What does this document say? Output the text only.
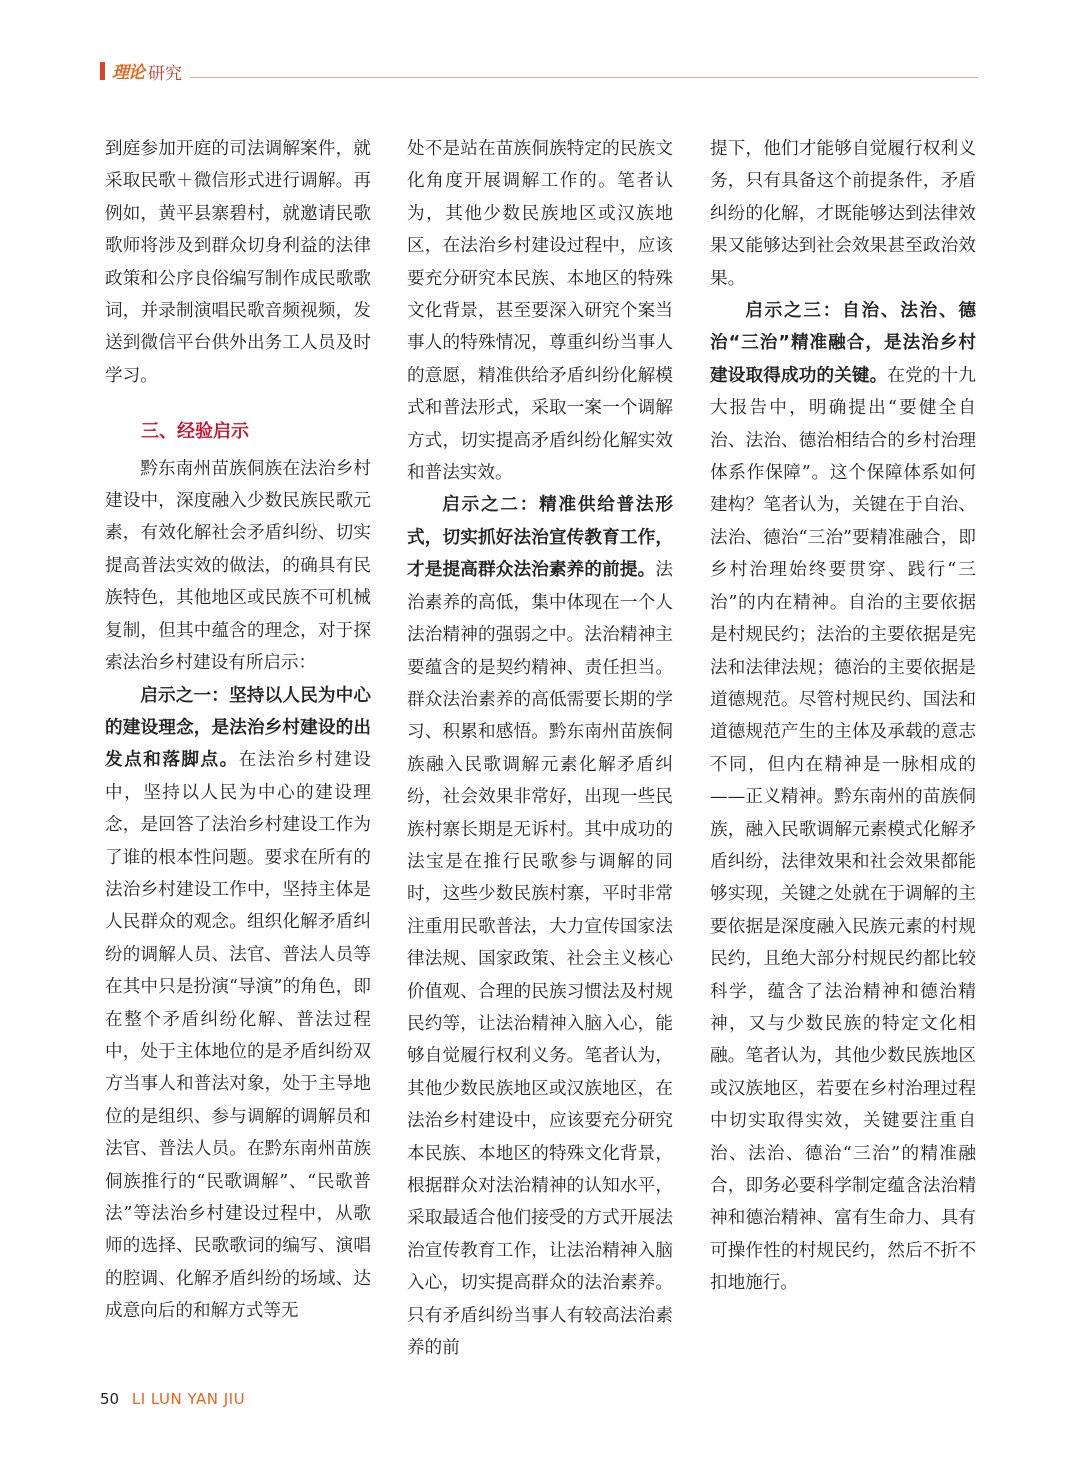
理论 研究

到庭参加开庭的司法调解案件，就采取民歌＋微信形式进行调解。再例如，黄平县寨碧村，就邀请民歌歌师将涉及到群众切身利益的法律政策和公序良俗编写制作成民歌歌词，并录制演唱民歌音频视频，发送到微信平台供外出务工人员及时学习。

三、经验启示

黔东南州苗族侗族在法治乡村建设中，深度融入少数民族民歌元素，有效化解社会矛盾纠纷、切实提高普法实效的做法，的确具有民族特色，其他地区或民族不可机械复制，但其中蕴含的理念，对于探索法治乡村建设有所启示：

启示之一：坚持以人民为中心的建设理念，是法治乡村建设的出发点和落脚点。在法治乡村建设中，坚持以人民为中心的建设理念，是回答了法治乡村建设工作为了谁的根本性问题。要求在所有的法治乡村建设工作中，坚持主体是人民群众的观念。组织化解矛盾纠纷的调解人员、法官、普法人员等在其中只是扮演“导演”的角色，即在整个矛盾纠纷化解、普法过程中，处于主体地位的是矛盾纠纷双方当事人和普法对象，处于主导地位的是组织、参与调解的调解员和法官、普法人员。在黔东南州苗族侗族推行的“民歌调解”、“民歌普法”等法治乡村建设过程中，从歌师的选择、民歌歌词的编写、演唱的腔调、化解矛盾纠纷的场域、达成意向后的和解方式等无

处不是站在苗族侗族特定的民族文化角度开展调解工作的。笔者认为，其他少数民族地区或汉族地区，在法治乡村建设过程中，应该要充分研究本民族、本地区的特殊文化背景，甚至要深入研究个案当事人的特殊情况，尊重纠纷当事人的意愿，精准供给矛盾纠纷化解模式和普法形式，采取一案一个调解方式，切实提高矛盾纠纷化解实效和普法实效。

启示之二：精准供给普法形式，切实抓好法治宣传教育工作，才是提高群众法治素养的前提。法治素养的高低，集中体现在一个人法治精神的强弱之中。法治精神主要蕴含的是契约精神、责任担当。群众法治素养的高低需要长期的学习、积累和感悟。黔东南州苗族侗族融入民歌调解元素化解矛盾纠纷，社会效果非常好，出现一些民族村寨长期是无诉村。其中成功的法宝是在推行民歌参与调解的同时，这些少数民族村寨，平时非常注重用民歌普法，大力宣传国家法律法规、国家政策、社会主义核心价值观、合理的民族习惯法及村规民约等，让法治精神入脑入心，能够自觉履行权利义务。笔者认为，其他少数民族地区或汉族地区，在法治乡村建设中，应该要充分研究本民族、本地区的特殊文化背景，根据群众对法治精神的认知水平，采取最适合他们接受的方式开展法治宣传教育工作，让法治精神入脑入心，切实提高群众的法治素养。只有矛盾纠纷当事人有较高法治素养的前

提下，他们才能够自觉履行权利义务，只有具备这个前提条件，矛盾纠纷的化解，才既能够达到法律效果又能够达到社会效果甚至政治效果。

启示之三：自治、法治、德治“三治”精准融合，是法治乡村建设取得成功的关键。在党的十九大报告中，明确提出“要健全自治、法治、德治相结合的乡村治理体系作保障”。这个保障体系如何建构？笔者认为，关键在于自治、法治、德治“三治”要精准融合，即乡村治理始终要贯穿、践行“三治”的内在精神。自治的主要依据是村规民约；法治的主要依据是宪法和法律法规；德治的主要依据是道德规范。尽管村规民约、国法和道德规范产生的主体及承载的意志不同，但内在精神是一脉相成的——正义精神。黔东南州的苗族侗族，融入民歌调解元素模式化解矛盾纠纷，法律效果和社会效果都能够实现，关键之处就在于调解的主要依据是深度融入民族元素的村规民约，且绝大部分村规民约都比较科学，蕴含了法治精神和德治精神，又与少数民族的特定文化相融。笔者认为，其他少数民族地区或汉族地区，若要在乡村治理过程中切实取得实效，关键要注重自治、法治、德治“三治”的精准融合，即务必要科学制定蕴含法治精神和德治精神、富有生命力、具有可操作性的村规民约，然后不折不扣地施行。

50 LI LUN YAN JIU
